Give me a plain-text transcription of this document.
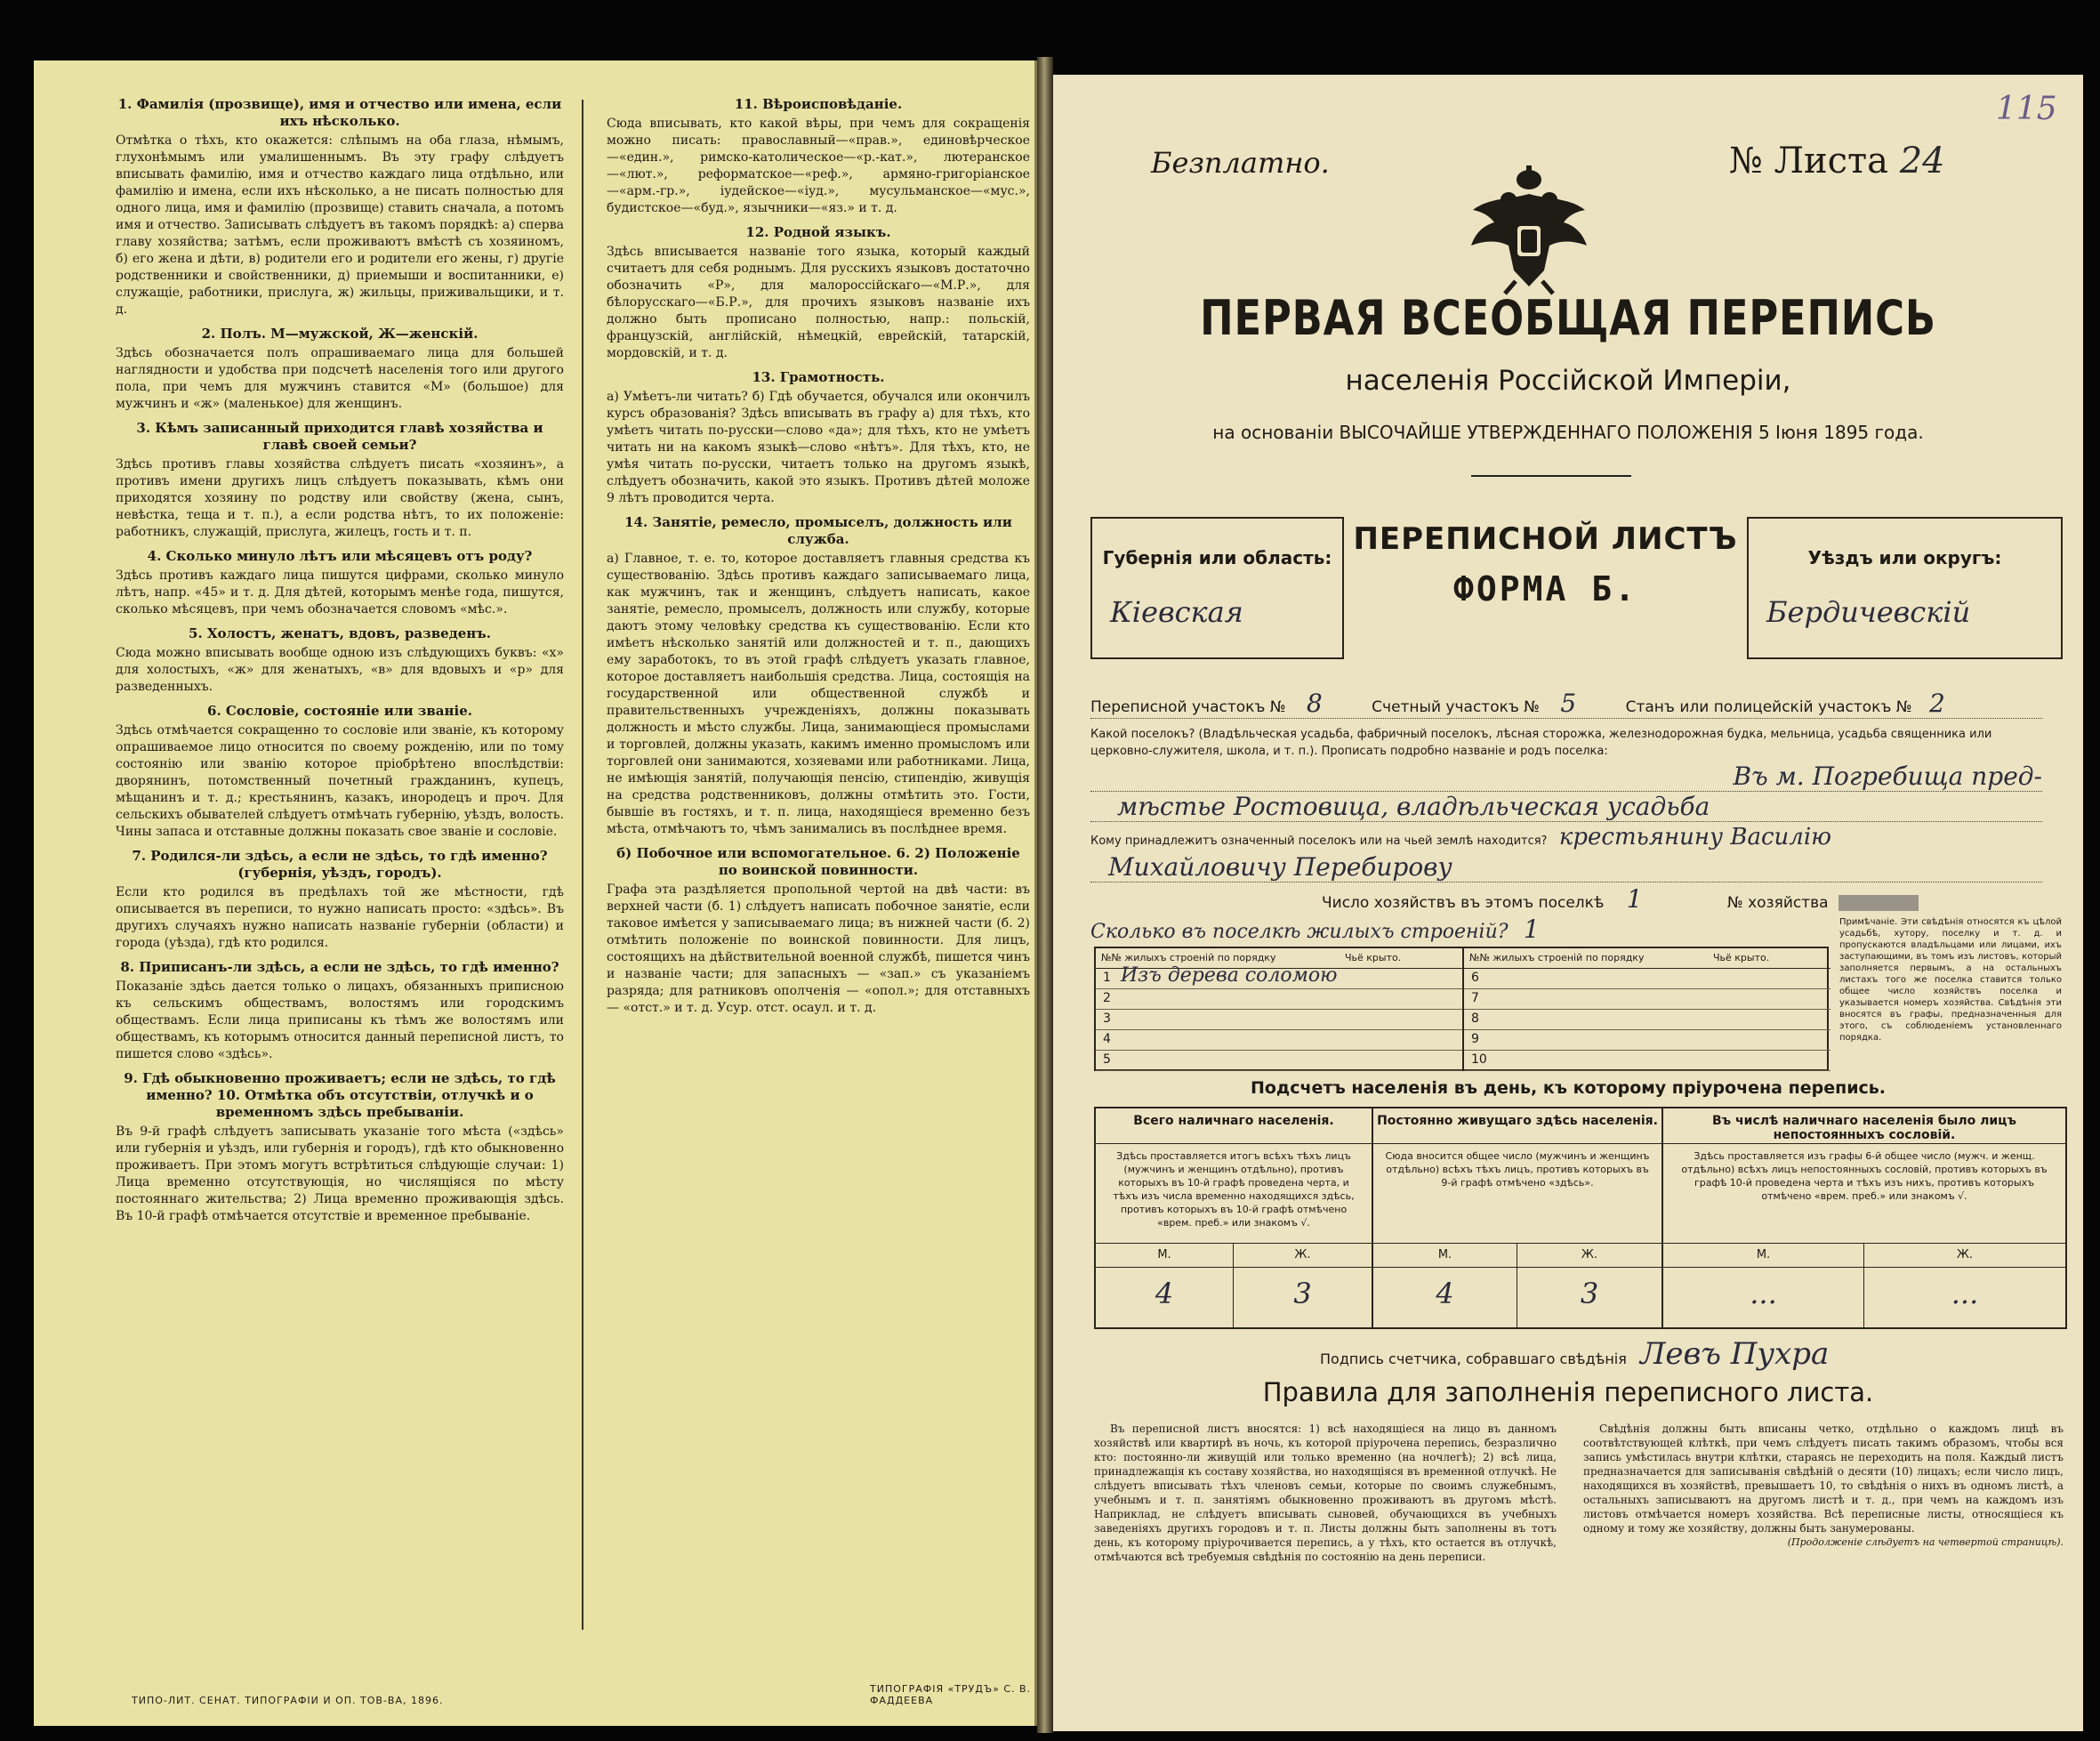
1. Фамилія (прозвище), имя и отчество или имена, если ихъ нѣсколько.

Отмѣтка о тѣхъ, кто окажется: слѣпымъ на оба глаза, нѣмымъ, глухонѣмымъ или умалишеннымъ. Въ эту графу слѣдуетъ вписывать фамилію, имя и отчество каждаго лица отдѣльно, или фамилію и имена, если ихъ нѣсколько, а не писать полностью для одного лица, имя и фамилію (прозвище) ставить сначала, а потомъ имя и отчество. Записывать слѣдуетъ въ такомъ порядкѣ: а) сперва главу хозяйства; затѣмъ, если проживаютъ вмѣстѣ съ хозяиномъ, б) его жена и дѣти, в) родители его и родители его жены, г) другіе родственники и свойственники, д) приемыши и воспитанники, е) служащіе, работники, прислуга, ж) жильцы, приживальщики, и т. д.

2. Полъ. М—мужской, Ж—женскій.

Здѣсь обозначается полъ опрашиваемаго лица для большей наглядности и удобства при подсчетѣ населенія того или другого пола, при чемъ для мужчинъ ставится «М» (большое) для мужчинъ и «ж» (маленькое) для женщинъ.

3. Кѣмъ записанный приходится главѣ хозяйства и главѣ своей семьи?

Здѣсь противъ главы хозяйства слѣдуетъ писать «хозяинъ», а противъ имени другихъ лицъ слѣдуетъ показывать, кѣмъ они приходятся хозяину по родству или свойству (жена, сынъ, невѣстка, теща и т. п.), а если родства нѣтъ, то их положеніе: работникъ, служащій, прислуга, жилецъ, гость и т. п.

4. Сколько минуло лѣтъ или мѣсяцевъ отъ роду?

Здѣсь противъ каждаго лица пишутся цифрами, сколько минуло лѣтъ, напр. «45» и т. д. Для дѣтей, которымъ менѣе года, пишутся, сколько мѣсяцевъ, при чемъ обозначается словомъ «мѣс.».

5. Холостъ, женатъ, вдовъ, разведенъ.

Сюда можно вписывать вообще одною изъ слѣдующихъ буквъ: «х» для холостыхъ, «ж» для женатыхъ, «в» для вдовыхъ и «р» для разведенныхъ.

6. Сословіе, состояніе или званіе.

Здѣсь отмѣчается сокращенно то сословіе или званіе, къ которому опрашиваемое лицо относится по своему рожденію, или по тому состоянію или званію которое пріобрѣтено впослѣдствіи: дворянинъ, потомственный почетный гражданинъ, купецъ, мѣщанинъ и т. д.; крестьянинъ, казакъ, инородецъ и проч. Для сельскихъ обывателей слѣдуетъ отмѣчать губернію, уѣздъ, волость. Чины запаса и отставные должны показать свое званіе и сословіе.

7. Родился-ли здѣсь, а если не здѣсь, то гдѣ именно? (губернія, уѣздъ, городъ).

Если кто родился въ предѣлахъ той же мѣстности, гдѣ описывается въ переписи, то нужно написать просто: «здѣсь». Въ другихъ случаяхъ нужно написать названіе губерніи (области) и города (уѣзда), гдѣ кто родился.

8. Приписанъ-ли здѣсь, а если не здѣсь, то гдѣ именно?

Показаніе здѣсь дается только о лицахъ, обязанныхъ приписною къ сельскимъ обществамъ, волостямъ или городскимъ обществамъ. Если лица приписаны къ тѣмъ же волостямъ или обществамъ, къ которымъ относится данный переписной листъ, то пишется слово «здѣсь».

9. Гдѣ обыкновенно проживаетъ; если не здѣсь, то гдѣ именно? 10. Отмѣтка объ отсутствіи, отлучкѣ и о временномъ здѣсь пребываніи.

Въ 9-й графѣ слѣдуетъ записывать указаніе того мѣста («здѣсь» или губернія и уѣздъ, или губернія и городъ), гдѣ кто обыкновенно проживаетъ. При этомъ могутъ встрѣтиться слѣдующіе случаи: 1) Лица временно отсутствующія, но числящіяся по мѣсту постояннаго жительства; 2) Лица временно проживающія здѣсь. Въ 10-й графѣ отмѣчается отсутствіе и временное пребываніе.

11. Вѣроисповѣданіе.

Сюда вписывать, кто какой вѣры, при чемъ для сокращенія можно писать: православный—«прав.», единовѣрческое—«един.», римско-католическое—«р.-кат.», лютеранское—«лют.», реформатское—«реф.», армяно-григоріанское—«арм.-гр.», іудейское—«іуд.», мусульманское—«мус.», будистское—«буд.», язычники—«яз.» и т. д.

12. Родной языкъ.

Здѣсь вписывается названіе того языка, который каждый считаетъ для себя роднымъ. Для русскихъ языковъ достаточно обозначить «Р», для малороссійскаго—«М.Р.», для бѣлорусскаго—«Б.Р.», для прочихъ языковъ названіе ихъ должно быть прописано полностью, напр.: польскій, французскій, англійскій, нѣмецкій, еврейскій, татарскій, мордовскій, и т. д.

13. Грамотность.

а) Умѣетъ-ли читать? б) Гдѣ обучается, обучался или окончилъ курсъ образованія? Здѣсь вписывать въ графу а) для тѣхъ, кто умѣетъ читать по-русски—слово «да»; для тѣхъ, кто не умѣетъ читать ни на какомъ языкѣ—слово «нѣтъ». Для тѣхъ, кто, не умѣя читать по-русски, читаетъ только на другомъ языкѣ, слѣдуетъ обозначить, какой это языкъ. Противъ дѣтей моложе 9 лѣтъ проводится черта.

14. Занятіе, ремесло, промыселъ, должность или служба.

а) Главное, т. е. то, которое доставляетъ главныя средства къ существованію. Здѣсь противъ каждаго записываемаго лица, как мужчинъ, так и женщинъ, слѣдуетъ написать, какое занятіе, ремесло, промыселъ, должность или службу, которые даютъ этому человѣку средства къ существованію. Если кто имѣетъ нѣсколько занятій или должностей и т. п., дающихъ ему заработокъ, то въ этой графѣ слѣдуетъ указать главное, которое доставляетъ наибольшія средства. Лица, состоящія на государственной или общественной службѣ и правительственныхъ учрежденіяхъ, должны показывать должность и мѣсто службы. Лица, занимающіеся промыслами и торговлей, должны указать, какимъ именно промысломъ или торговлей они занимаются, хозяевами или работниками. Лица, не имѣющія занятій, получающія пенсію, стипендію, живущія на средства родственниковъ, должны отмѣтить это. Гости, бывшіе въ гостяхъ, и т. п. лица, находящіеся временно безъ мѣста, отмѣчаютъ то, чѣмъ занимались въ послѣднее время.

б) Побочное или вспомогательное. 6. 2) Положеніе по воинской повинности.

Графа эта раздѣляется пропольной чертой на двѣ части: въ верхней части (б. 1) слѣдуетъ написать побочное занятіе, если таковое имѣется у записываемаго лица; въ нижней части (б. 2) отмѣтить положеніе по воинской повинности. Для лицъ, состоящихъ на дѣйствительной военной службѣ, пишется чинъ и названіе части; для запасныхъ — «зап.» съ указаніемъ разряда; для ратниковъ ополченія — «опол.»; для отставныхъ — «отст.» и т. д. Усур. отст. осаул. и т. д.

ТИПО-ЛИТ. СЕНАТ. ТИПОГРАФІИ И ОП. ТОВ-ВА, 1896.
ТИПОГРАФІЯ «ТРУДЪ» С. В. ФАДДЕЕВА
Безплатно.
115
№ Листа 24
ПЕРВАЯ ВСЕОБЩАЯ ПЕРЕПИСЬ
населенія Россійской Имперіи,
на основаніи ВЫСОЧАЙШЕ УТВЕРЖДЕННАГО ПОЛОЖЕНІЯ 5 Іюня 1895 года.
Губернія или область:
Кіевская
ПЕРЕПИСНОЙ ЛИСТЪ
ФОРМА Б.
Уѣздъ или округъ:
Бердичевскій
Переписной участокъ № 8	Счетный участокъ № 5	Станъ или полицейскій участокъ № 2
Какой поселокъ? (Владѣльческая усадьба, фабричный поселокъ, лѣсная сторожка, железнодорожная будка, мельница, усадьба священника или церковно-служителя, школа, и т. п.). Прописать подробно названіе и родъ поселка:
Въ м. Погребища пред-
мѣстье Ростовица, владѣльческая усадьба
Кому принадлежитъ означенный поселокъ или на чьей землѣ находится? крестьянину Василію
Михайловичу Перебирову
Число хозяйствъ въ этомъ поселкѣ 1	№ хозяйства
Сколько въ поселкѣ жилыхъ строеній? 1
№№ жилыхъ строеній по порядку	Чьё крыто.
1 Изъ дерева соломою
2
3
4
5
№№ жилыхъ строеній по порядку	Чьё крыто.
6
7
8
9
10
Примѣчаніе. Эти свѣдѣнія относятся къ цѣлой усадьбѣ, хутору, поселку и т. д. и пропускаются владѣльцами или лицами, ихъ заступающими, въ томъ изъ листовъ, который заполняется первымъ, а на остальныхъ листахъ того же поселка ставится только общее число хозяйствъ поселка и указывается номеръ хозяйства. Свѣдѣнія эти вносятся въ графы, предназначенныя для этого, съ соблюденіемъ установленнаго порядка.
Подсчетъ населенія въ день, къ которому пріурочена перепись.
Всего наличнаго населенія.
Здѣсь проставляется итогъ всѣхъ тѣхъ лицъ (мужчинъ и женщинъ отдѣльно), противъ которыхъ въ 10-й графѣ проведена черта, и тѣхъ изъ числа временно находящихся здѣсь, противъ которыхъ въ 10-й графѣ отмѣчено «врем. преб.» или знакомъ √.
М.
4
Ж.
3
Постоянно живущаго здѣсь населенія.
Сюда вносится общее число (мужчинъ и женщинъ отдѣльно) всѣхъ тѣхъ лицъ, противъ которыхъ въ 9-й графѣ отмѣчено «здѣсь».
М.
4
Ж.
3
Въ числѣ наличнаго населенія было лицъ непостоянныхъ сословій.
Здѣсь проставляется изъ графы 6-й общее число (мужч. и женщ. отдѣльно) всѣхъ лицъ непостоянныхъ сословій, противъ которыхъ въ графѣ 10-й проведена черта и тѣхъ изъ нихъ, противъ которыхъ отмѣчено «врем. преб.» или знакомъ √.
М.
...
Ж.
...
Подпись счетчика, собравшаго свѣдѣнія Левъ Пухра
Правила для заполненія переписного листа.

Въ переписной листъ вносятся: 1) всѣ находящіеся на лицо въ данномъ хозяйствѣ или квартирѣ въ ночь, къ которой пріурочена перепись, безразлично кто: постоянно-ли живущій или только временно (на ночлегѣ); 2) всѣ лица, принадлежащія къ составу хозяйства, но находящіяся въ временной отлучкѣ. Не слѣдуетъ вписывать тѣхъ членовъ семьи, которые по своимъ служебнымъ, учебнымъ и т. п. занятіямъ обыкновенно проживаютъ въ другомъ мѣстѣ. Наприклад, не слѣдуетъ вписывать сыновей, обучающихся въ учебныхъ заведеніяхъ другихъ городовъ и т. п. Листы должны быть заполнены въ тотъ день, къ которому пріурочивается перепись, а у тѣхъ, кто остается въ отлучкѣ, отмѣчаются всѣ требуемыя свѣдѣнія по состоянію на день переписи.

Свѣдѣнія должны быть вписаны четко, отдѣльно о каждомъ лицѣ въ соотвѣтствующей клѣткѣ, при чемъ слѣдуетъ писать такимъ образомъ, чтобы вся запись умѣстилась внутри клѣтки, стараясь не переходить на поля. Каждый листъ предназначается для записыванія свѣдѣній о десяти (10) лицахъ; если число лицъ, находящихся въ хозяйствѣ, превышаетъ 10, то свѣдѣнія о нихъ въ одномъ листѣ, а остальныхъ записываютъ на другомъ листѣ и т. д., при чемъ на каждомъ изъ листовъ отмѣчается номеръ хозяйства. Всѣ переписные листы, относящіеся къ одному и тому же хозяйству, должны быть занумерованы.

(Продолженіе слѣдуетъ на четвертой страницѣ).
